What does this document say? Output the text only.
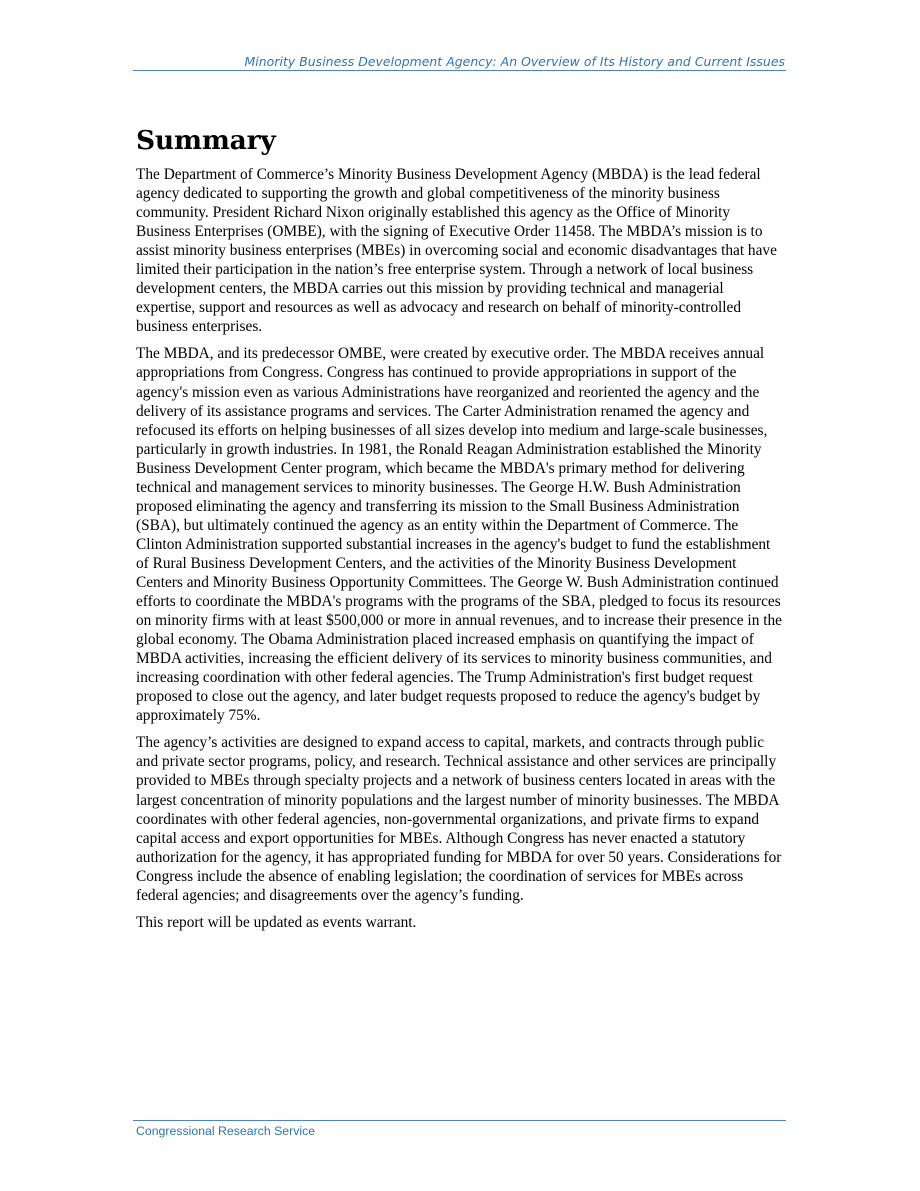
Minority Business Development Agency: An Overview of Its History and Current Issues
Summary

The Department of Commerce’s Minority Business Development Agency (MBDA) is the lead federal agency dedicated to supporting the growth and global competitiveness of the minority business community. President Richard Nixon originally established this agency as the Office of Minority Business Enterprises (OMBE), with the signing of Executive Order 11458. The MBDA’s mission is to assist minority business enterprises (MBEs) in overcoming social and economic disadvantages that have limited their participation in the nation’s free enterprise system. Through a network of local business development centers, the MBDA carries out this mission by providing technical and managerial expertise, support and resources as well as advocacy and research on behalf of minority-controlled business enterprises.

The MBDA, and its predecessor OMBE, were created by executive order. The MBDA receives annual appropriations from Congress. Congress has continued to provide appropriations in support of the agency's mission even as various Administrations have reorganized and reoriented the agency and the delivery of its assistance programs and services. The Carter Administration renamed the agency and refocused its efforts on helping businesses of all sizes develop into medium and large-scale businesses, particularly in growth industries. In 1981, the Ronald Reagan Administration established the Minority Business Development Center program, which became the MBDA's primary method for delivering technical and management services to minority businesses. The George H.W. Bush Administration proposed eliminating the agency and transferring its mission to the Small Business Administration (SBA), but ultimately continued the agency as an entity within the Department of Commerce. The Clinton Administration supported substantial increases in the agency's budget to fund the establishment of Rural Business Development Centers, and the activities of the Minority Business Development Centers and Minority Business Opportunity Committees. The George W. Bush Administration continued efforts to coordinate the MBDA's programs with the programs of the SBA, pledged to focus its resources on minority firms with at least $500,000 or more in annual revenues, and to increase their presence in the global economy. The Obama Administration placed increased emphasis on quantifying the impact of MBDA activities, increasing the efficient delivery of its services to minority business communities, and increasing coordination with other federal agencies. The Trump Administration's first budget request proposed to close out the agency, and later budget requests proposed to reduce the agency's budget by approximately 75%.

The agency’s activities are designed to expand access to capital, markets, and contracts through public and private sector programs, policy, and research. Technical assistance and other services are principally provided to MBEs through specialty projects and a network of business centers located in areas with the largest concentration of minority populations and the largest number of minority businesses. The MBDA coordinates with other federal agencies, non-governmental organizations, and private firms to expand capital access and export opportunities for MBEs. Although Congress has never enacted a statutory authorization for the agency, it has appropriated funding for MBDA for over 50 years. Considerations for Congress include the absence of enabling legislation; the coordination of services for MBEs across federal agencies; and disagreements over the agency’s funding.

This report will be updated as events warrant.

Congressional Research Service
